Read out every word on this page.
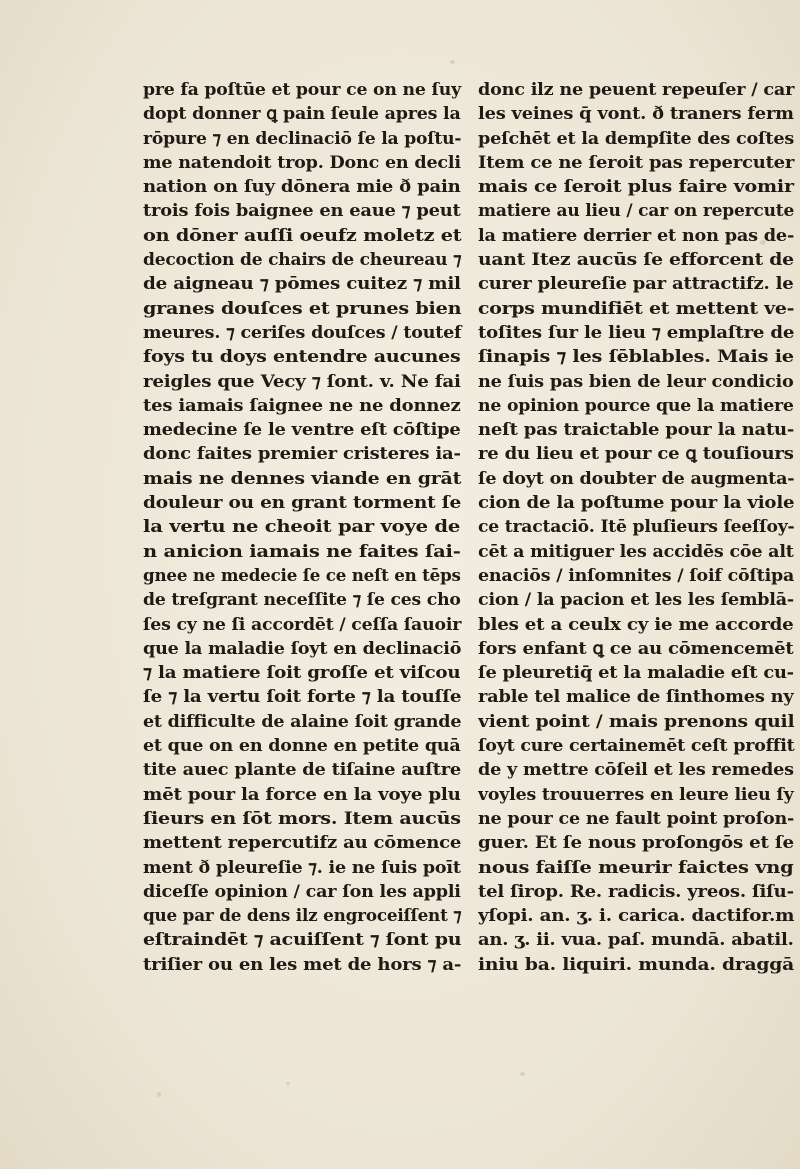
pre fa poſtūe et pour ce on ne ſuy
dopt donner ꝗ pain ſeule apres la
rōpure ⁊ en declinaciō ſe la poſtu-
me natendoit trop. Donc en decli
nation on ſuy dōnera mie ð pain
trois fois baignee en eaue ⁊ peut
on dōner auſſi oeufz moletz et
decoction de chairs de cheureau ⁊
de aigneau ⁊ pōmes cuitez ⁊ mil
granes douſces et prunes bien
meures. ⁊ ceriſes douſces / toutef
foys tu doys entendre aucunes
reigles que Vecy ⁊ ſont. v. Ne fai
tes iamais ſaignee ne ne donnez
medecine ſe le ventre eſt cōſtipe
donc faites premier cristeres ia-
mais ne dennes viande en grāt
douleur ou en grant torment ſe
la vertu ne cheoit par voye de
n anicion iamais ne faites ſai-
gnee ne medecie ſe ce neſt en tēps
de treſgrant neceſſite ⁊ ſe ces cho
ſes cy ne ſi accordēt / ceſſa ſauoir
que la maladie ſoyt en declinaciō
⁊ la matiere ſoit groſſe et viſcou
ſe ⁊ la vertu ſoit forte ⁊ la touſſe
et difficulte de alaine ſoit grande
et que on en donne en petite quā
tite auec plante de tiſaine auſtre
mēt pour la force en la voye plu
ſieurs en ſōt mors. Item aucūs
mettent repercutifz au cōmence
ment ð pleureſie ⁊. ie ne ſuis poīt
diceſſe opinion / car ſon les appli
que par de dens ilz engroceiſſent ⁊
eſtraindēt ⁊ acuiſſent ⁊ ſont pu
triſier ou en les met de hors ⁊ a-
donc ilz ne peuent repeuſer / car
les veines q̄ vont. ð traners ferm
peſchēt et la dempſite des coſtes
Item ce ne ſeroit pas repercuter
mais ce ſeroit plus faire vomir
matiere au lieu / car on repercute
la matiere derrier et non pas de-
uant Itez aucūs ſe efforcent de
curer pleureſie par attractifz. le
corps mundifiēt et mettent ve-
toſites ſur le lieu ⁊ emplaſtre de
ſinapis ⁊ les ſēblables. Mais ie
ne ſuis pas bien de leur condicio
ne opinion pource que la matiere
neſt pas traictable pour la natu-
re du lieu et pour ce ꝗ touſiours
ſe doyt on doubter de augmenta-
cion de la poſtume pour la viole
ce tractaciō. Itē pluſieurs ſeeſſoy-
cēt a mitiguer les accidēs cōe alt
enaciōs / inſomnites / ſoif cōſtipa
cion / la pacion et les les ſemblā-
bles et a ceulx cy ie me accorde
fors enfant ꝗ ce au cōmencemēt
ſe pleuretiq̄ et la maladie eſt cu-
rable tel malice de ſinthomes ny
vient point / mais prenons quil
ſoyt cure certainemēt ceſt proffit
de y mettre cōſeil et les remedes
voyles trouuerres en leure lieu ſy
ne pour ce ne fault point proſon-
guer. Et ſe nous proſongōs et ſe
nous faiſſe meurir faictes vng
tel ſirop. Re. radicis. yreos. ſiſu-
yſopi. an. ʒ. i. carica. dactifor.m
an. ʒ. ii. vua. paſ. mundā. abatil.
iniu ba. liquiri. munda. draggā
